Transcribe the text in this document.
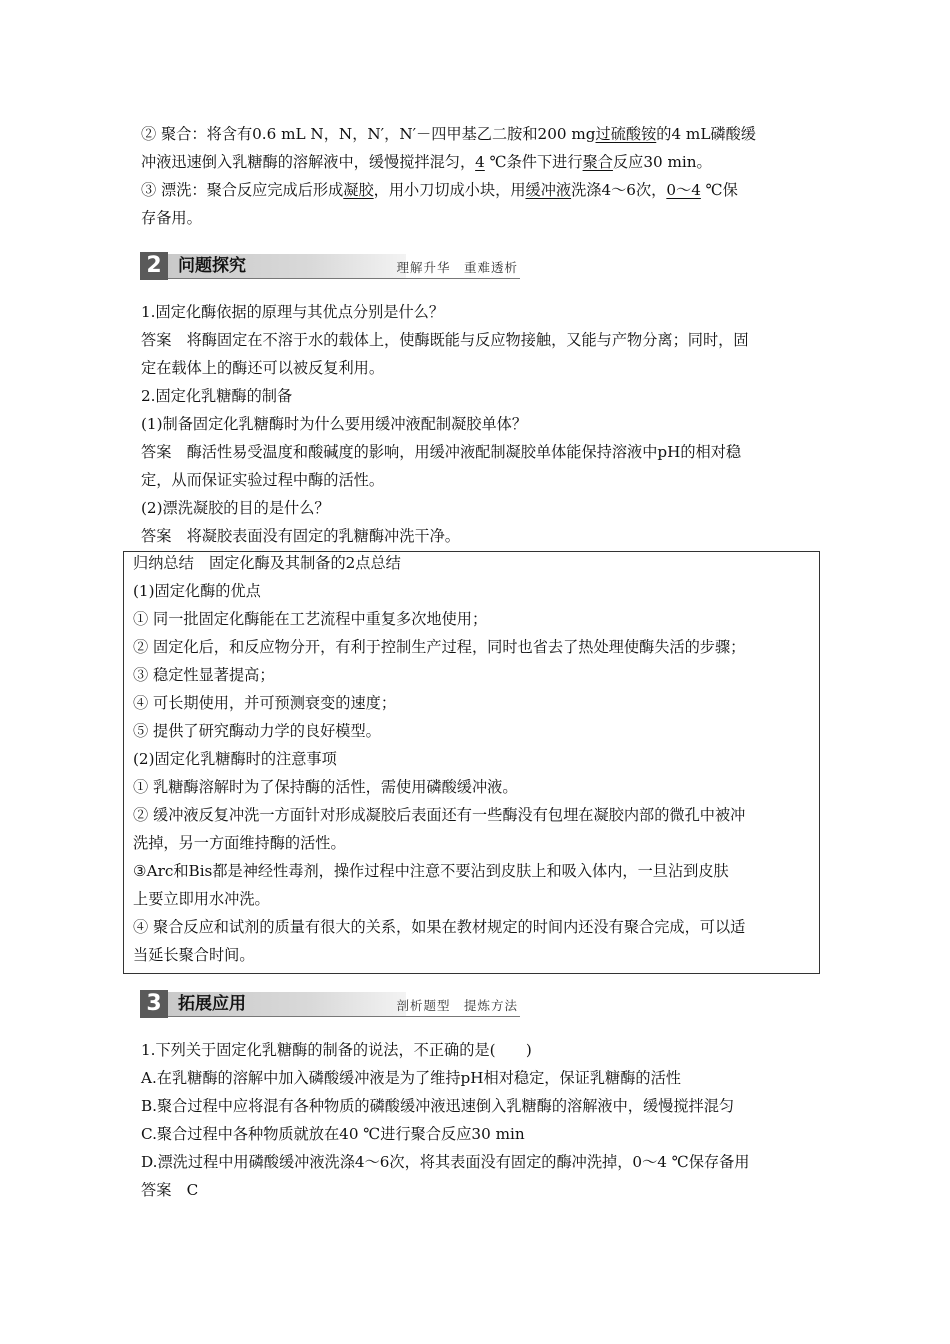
② 聚合：将含有0.6 mL N，N，N′，N′－四甲基乙二胺和200 mg过硫酸铵的4 mL磷酸缓
冲液迅速倒入乳糖酶的溶解液中，缓慢搅拌混匀，4 ℃条件下进行聚合反应30 min。
③ 漂洗：聚合反应完成后形成凝胶，用小刀切成小块，用缓冲液洗涤4～6次，0～4 ℃保
存备用。
2 问题探究	理解升华　重难透析
1.固定化酶依据的原理与其优点分别是什么？
答案　将酶固定在不溶于水的载体上，使酶既能与反应物接触，又能与产物分离；同时，固
定在载体上的酶还可以被反复利用。
2.固定化乳糖酶的制备
(1)制备固定化乳糖酶时为什么要用缓冲液配制凝胶单体？
答案　酶活性易受温度和酸碱度的影响，用缓冲液配制凝胶单体能保持溶液中pH的相对稳
定，从而保证实验过程中酶的活性。
(2)漂洗凝胶的目的是什么？
答案　将凝胶表面没有固定的乳糖酶冲洗干净。
归纳总结　固定化酶及其制备的2点总结
(1)固定化酶的优点
① 同一批固定化酶能在工艺流程中重复多次地使用；
② 固定化后，和反应物分开，有利于控制生产过程，同时也省去了热处理使酶失活的步骤；
③ 稳定性显著提高；
④ 可长期使用，并可预测衰变的速度；
⑤ 提供了研究酶动力学的良好模型。
(2)固定化乳糖酶时的注意事项
① 乳糖酶溶解时为了保持酶的活性，需使用磷酸缓冲液。
② 缓冲液反复冲洗一方面针对形成凝胶后表面还有一些酶没有包埋在凝胶内部的微孔中被冲
洗掉，另一方面维持酶的活性。
③Arc和Bis都是神经性毒剂，操作过程中注意不要沾到皮肤上和吸入体内，一旦沾到皮肤
上要立即用水冲洗。
④ 聚合反应和试剂的质量有很大的关系，如果在教材规定的时间内还没有聚合完成，可以适
当延长聚合时间。
3 拓展应用	剖析题型　提炼方法
1.下列关于固定化乳糖酶的制备的说法，不正确的是(　　)
A.在乳糖酶的溶解中加入磷酸缓冲液是为了维持pH相对稳定，保证乳糖酶的活性
B.聚合过程中应将混有各种物质的磷酸缓冲液迅速倒入乳糖酶的溶解液中，缓慢搅拌混匀
C.聚合过程中各种物质就放在40 ℃进行聚合反应30 min
D.漂洗过程中用磷酸缓冲液洗涤4～6次，将其表面没有固定的酶冲洗掉，0～4 ℃保存备用
答案　C
